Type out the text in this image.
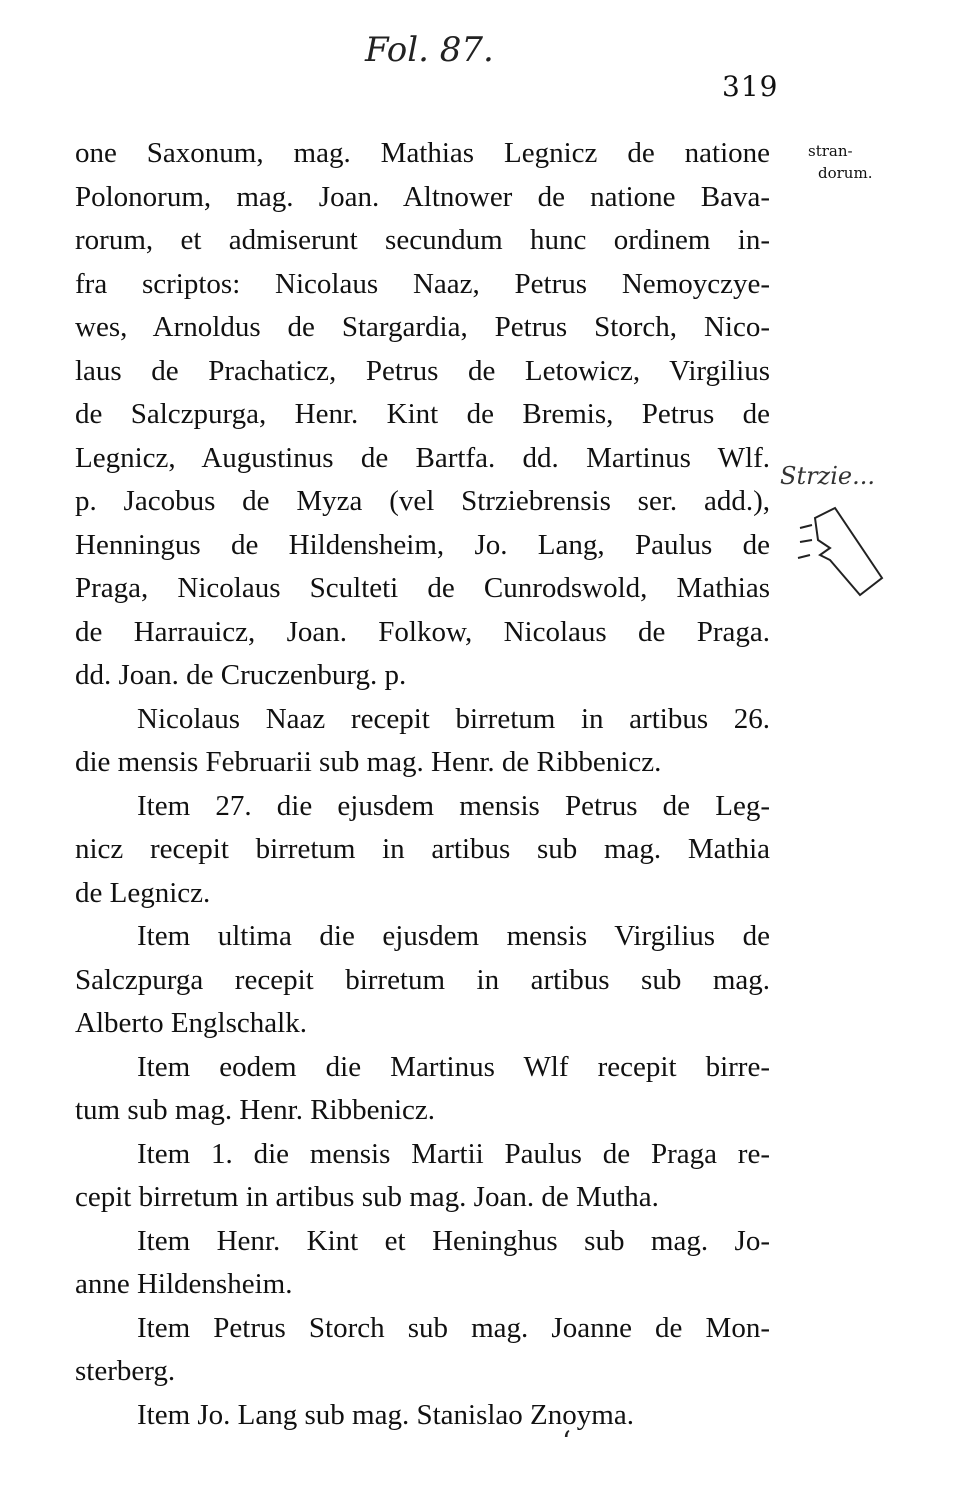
Fol. 87.
319
stran-
dorum.
Strzie...
one Saxonum, mag. Mathias Legnicz de natione
Polonorum, mag. Joan. Altnower de natione Bava-
rorum, et admiserunt secundum hunc ordinem in-
fra scriptos: Nicolaus Naaz, Petrus Nemoyczye-
wes, Arnoldus de Stargardia, Petrus Storch, Nico-
laus de Prachaticz, Petrus de Letowicz, Virgilius
de Salczpurga, Henr. Kint de Bremis, Petrus de
Legnicz, Augustinus de Bartfa. dd. Martinus Wlf.
p. Jacobus de Myza (vel Strziebrensis ser. add.),
Henningus de Hildensheim, Jo. Lang, Paulus de
Praga, Nicolaus Sculteti de Cunrodswold, Mathias
de Harrauicz, Joan. Folkow, Nicolaus de Praga.
dd. Joan. de Cruczenburg. p.
Nicolaus Naaz recepit birretum in artibus 26.
die mensis Februarii sub mag. Henr. de Ribbenicz.
Item 27. die ejusdem mensis Petrus de Leg-
nicz recepit birretum in artibus sub mag. Mathia
de Legnicz.
Item ultima die ejusdem mensis Virgilius de
Salczpurga recepit birretum in artibus sub mag.
Alberto Englschalk.
Item eodem die Martinus Wlf recepit birre-
tum sub mag. Henr. Ribbenicz.
Item 1. die mensis Martii Paulus de Praga re-
cepit birretum in artibus sub mag. Joan. de Mutha.
Item Henr. Kint et Heninghus sub mag. Jo-
anne Hildensheim.
Item Petrus Storch sub mag. Joanne de Mon-
sterberg.
Item Jo. Lang sub mag. Stanislao Znoyma.
‘
